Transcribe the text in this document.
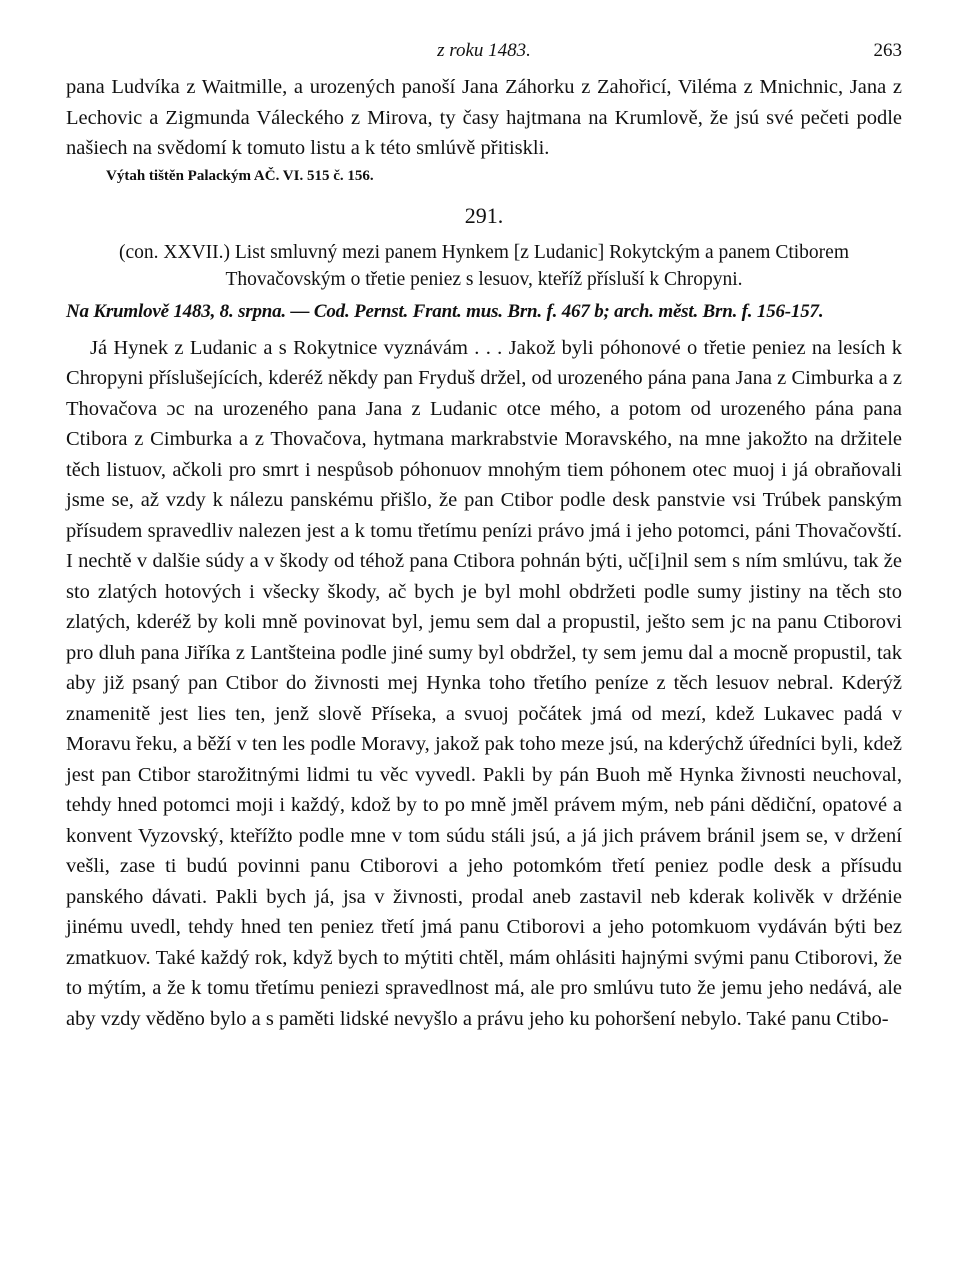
z roku 1483.	263

pana Ludvíka z Waitmille, a urozených panoší Jana Záhorku z Zahořicí, Viléma z Mnichnic, Jana z Lechovic a Zigmunda Váleckého z Mirova, ty časy hajtmana na Krumlově, že jsú své pečeti podle našiech na svědomí k tomuto listu a k této smlúvě přitiskli.

Výtah tištěn Palackým AČ. VI. 515 č. 156.
291.

(con. XXVII.) List smluvný mezi panem Hynkem [z Ludanic] Rokytckým a panem Ctiborem Thovačovským o třetie peniez s lesuov, kteříž přísluší k Chropyni.

Na Krumlově 1483, 8. srpna. — Cod. Pernst. Frant. mus. Brn. f. 467 b; arch. měst. Brn. f. 156-157.

Já Hynek z Ludanic a s Rokytnice vyznávám . . . Jakož byli póhonové o třetie peniez na lesích k Chropyni příslušejících, kderéž někdy pan Fryduš držel, od urozeného pána pana Jana z Cimburka a z Thovačova ɔc na urozeného pana Jana z Ludanic otce mého, a potom od urozeného pána pana Ctibora z Cimburka a z Thovačova, hytmana markrabstvie Moravského, na mne jakožto na držitele těch listuov, ačkoli pro smrt i nespůsob póhonuov mnohým tiem póhonem otec muoj i já obraňovali jsme se, až vzdy k nálezu panskému přišlo, že pan Ctibor podle desk panstvie vsi Trúbek panským přísudem spravedliv nalezen jest a k tomu třetímu penízi právo jmá i jeho potomci, páni Thovačovští. I nechtě v dalšie súdy a v škody od téhož pana Ctibora pohnán býti, uč[i]nil sem s ním smlúvu, tak že sto zlatých hotových i všecky škody, ač bych je byl mohl obdržeti podle sumy jistiny na těch sto zlatých, kderéž by koli mně povinovat byl, jemu sem dal a propustil, ješto sem jc na panu Ctiborovi pro dluh pana Jiříka z Lantšteina podle jiné sumy byl obdržel, ty sem jemu dal a mocně propustil, tak aby již psaný pan Ctibor do živnosti mej Hynka toho třetího peníze z těch lesuov nebral. Kderýž znamenitě jest lies ten, jenž slově Příseka, a svuoj počátek jmá od mezí, kdež Lukavec padá v Moravu řeku, a běží v ten les podle Moravy, jakož pak toho meze jsú, na kderýchž úředníci byli, kdež jest pan Ctibor starožitnými lidmi tu věc vyvedl. Pakli by pán Buoh mě Hynka živnosti neuchoval, tehdy hned potomci moji i každý, kdož by to po mně jměl právem mým, neb páni dědiční, opatové a konvent Vyzovský, kteřížto podle mne v tom súdu stáli jsú, a já jich právem bránil jsem se, v držení vešli, zase ti budú povinni panu Ctiborovi a jeho potomkóm třetí peniez podle desk a přísudu panského dávati. Pakli bych já, jsa v živnosti, prodal aneb zastavil neb kderak kolivěk v držénie jinému uvedl, tehdy hned ten peniez třetí jmá panu Ctiborovi a jeho potomkuom vydáván býti bez zmatkuov. Také každý rok, když bych to mýtiti chtěl, mám ohlásiti hajnými svými panu Ctiborovi, že to mýtím, a že k tomu třetímu peniezi spravedlnost má, ale pro smlúvu tuto že jemu jeho nedává, ale aby vzdy věděno bylo a s paměti lidské nevyšlo a právu jeho ku pohoršení nebylo. Také panu Ctibo-
